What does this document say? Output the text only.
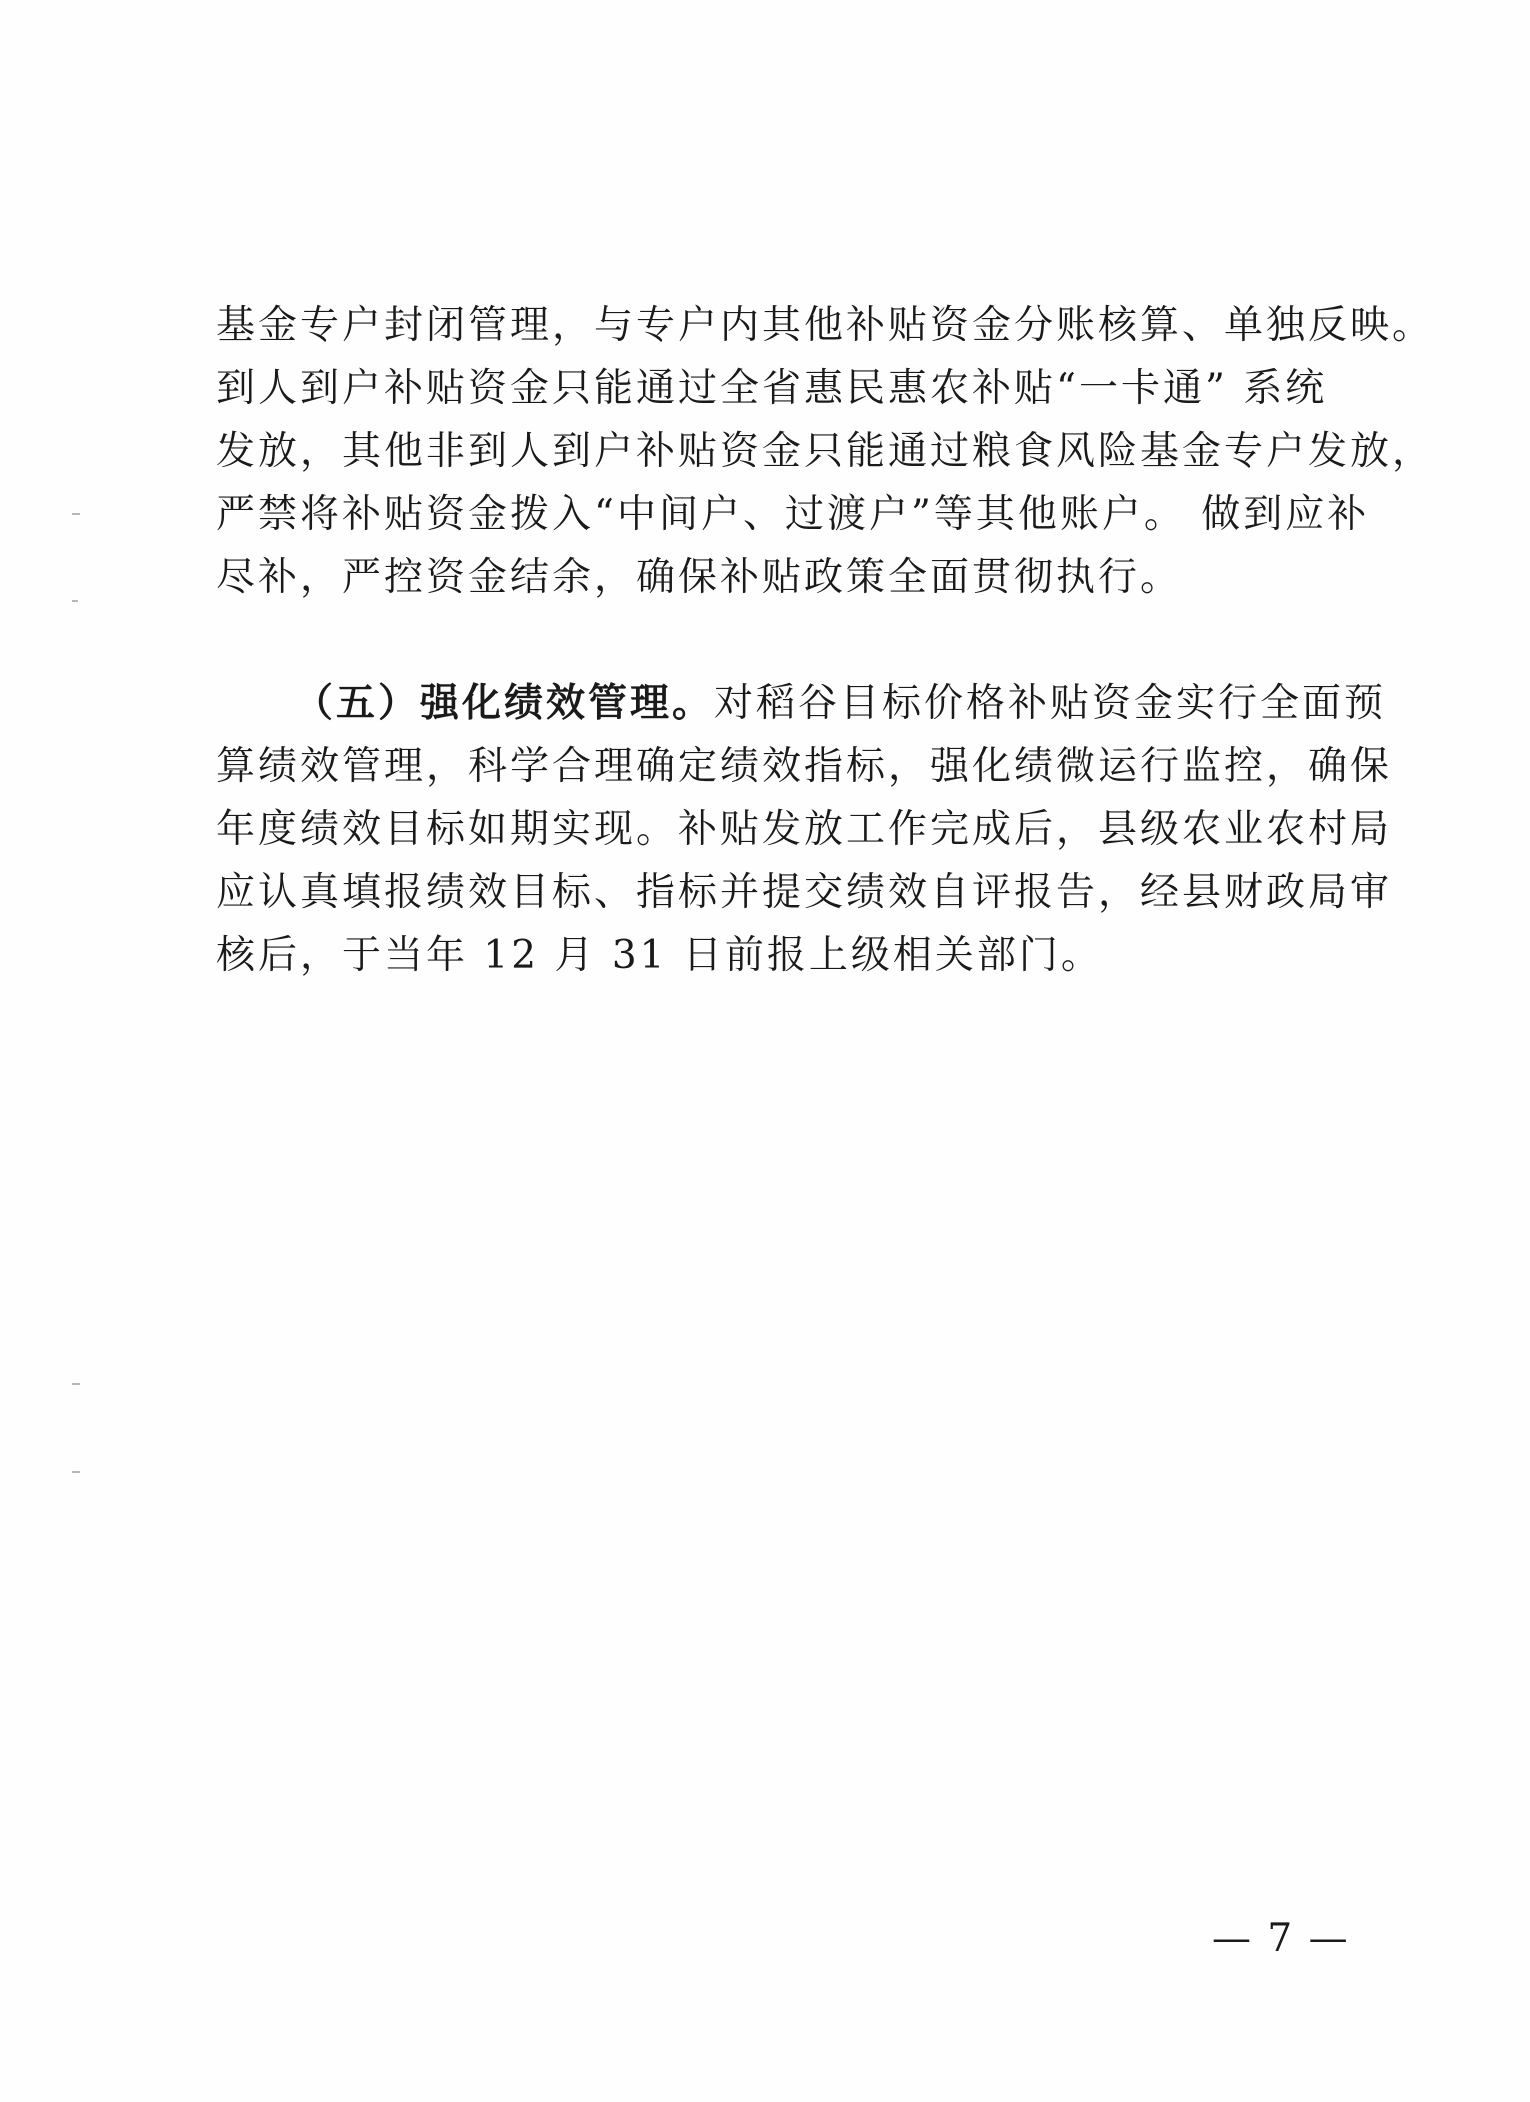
基金专户封闭管理，与专户内其他补贴资金分账核算、单独反映。
到人到户补贴资金只能通过全省惠民惠农补贴“一卡通” 系统
发放，其他非到人到户补贴资金只能通过粮食风险基金专户发放，
严禁将补贴资金拨入“中间户、过渡户”等其他账户。 做到应补
尽补，严控资金结余，确保补贴政策全面贯彻执行。
（五）强化绩效管理。对稻谷目标价格补贴资金实行全面预
算绩效管理，科学合理确定绩效指标，强化绩微运行监控，确保
年度绩效目标如期实现。补贴发放工作完成后，县级农业农村局
应认真填报绩效目标、指标并提交绩效自评报告，经县财政局审
核后，于当年 12 月 31 日前报上级相关部门。
— 7 —
